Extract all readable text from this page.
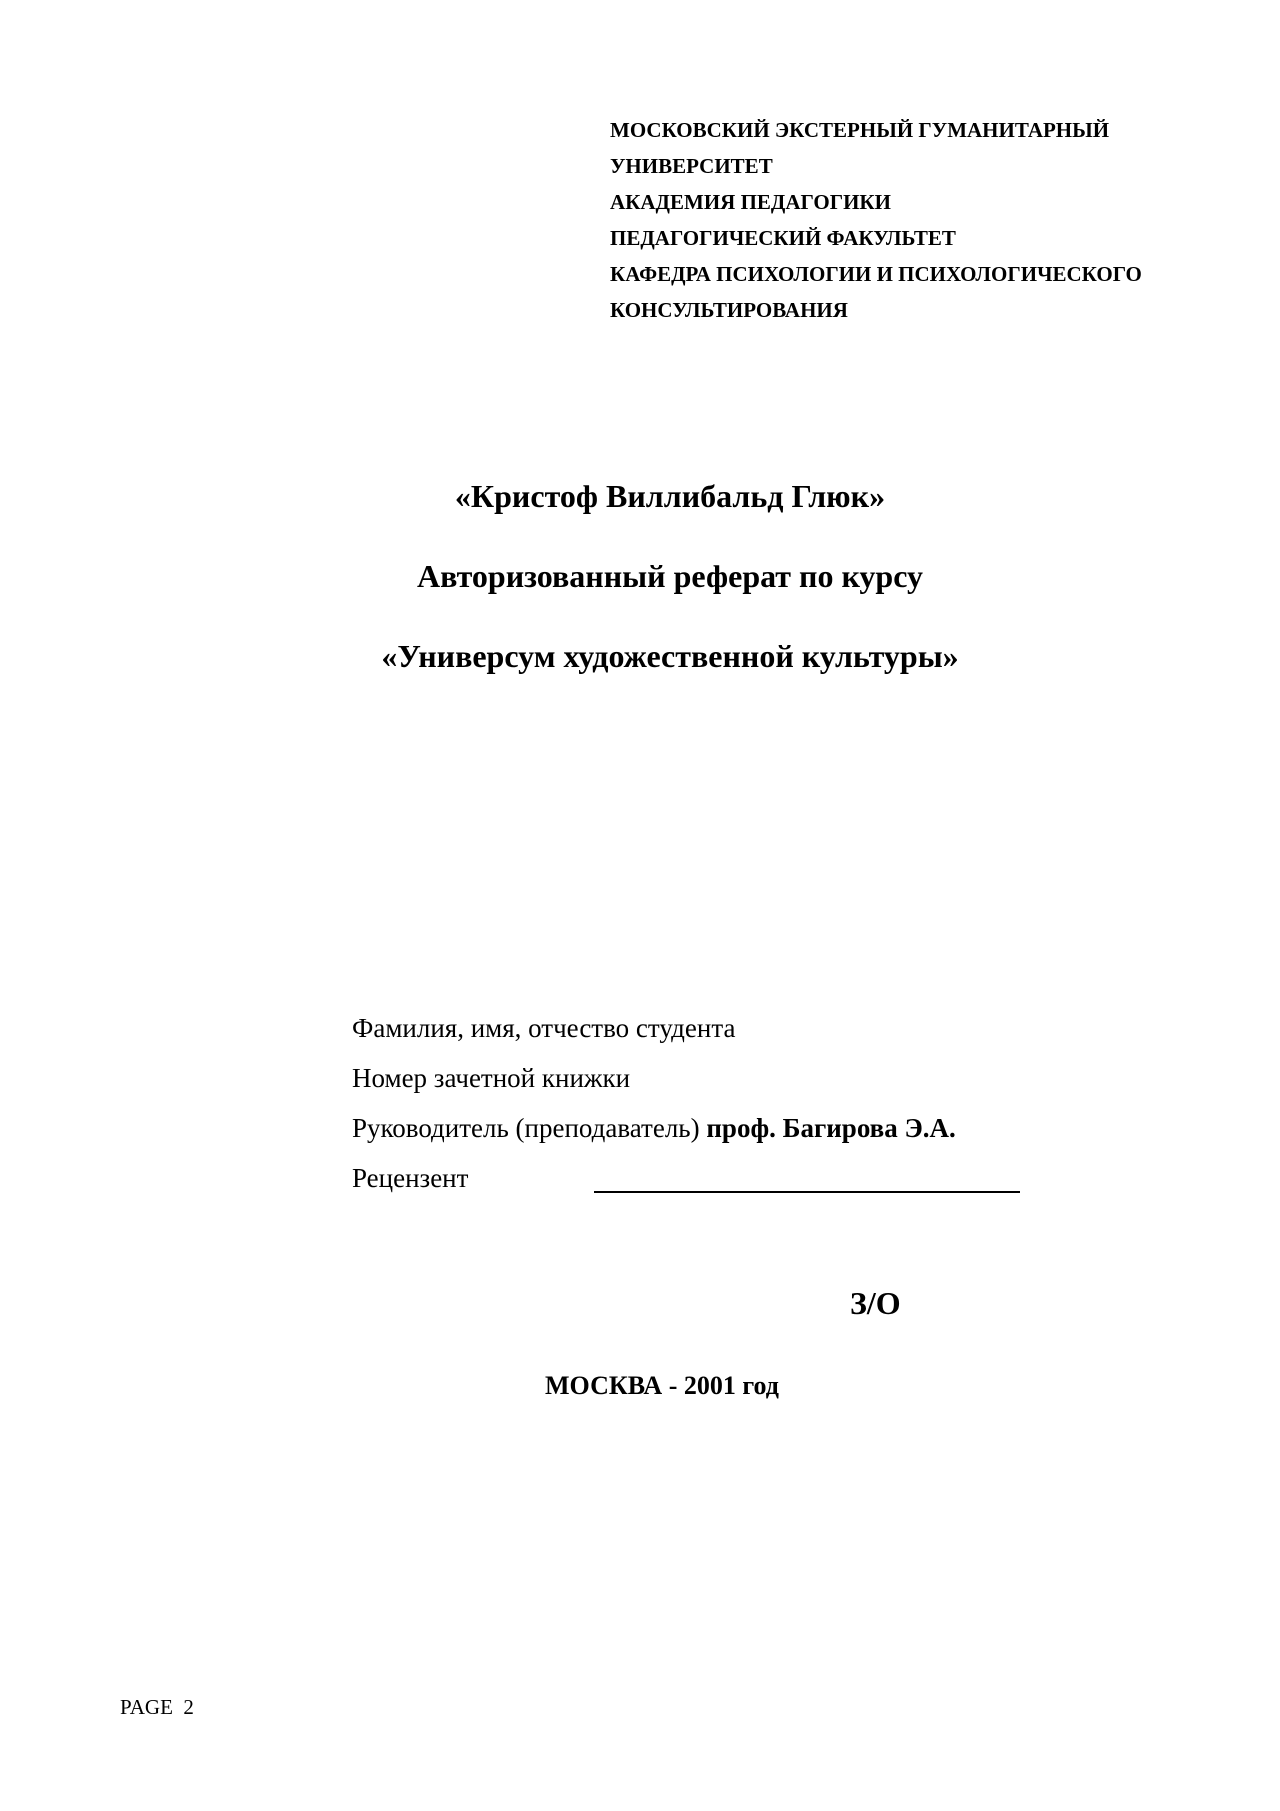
МОСКОВСКИЙ ЭКСТЕРНЫЙ ГУМАНИТАРНЫЙ
УНИВЕРСИТЕТ
АКАДЕМИЯ ПЕДАГОГИКИ
ПЕДАГОГИЧЕСКИЙ ФАКУЛЬТЕТ
КАФЕДРА ПСИХОЛОГИИ И ПСИХОЛОГИЧЕСКОГО
КОНСУЛЬТИРОВАНИЯ
«Кристоф Виллибальд Глюк»
Авторизованный реферат по курсу
«Универсум художественной культуры»
Фамилия, имя, отчество студента
Номер зачетной книжки
Руководитель (преподаватель) проф. Багирова Э.А.
Рецензент
З/О
МОСКВА - 2001 год
PAGE  2
